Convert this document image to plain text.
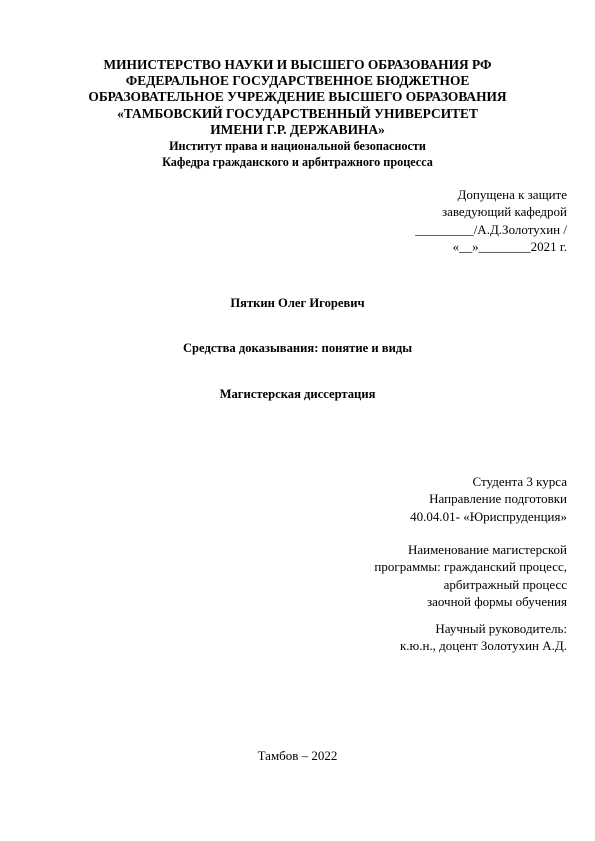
МИНИСТЕРСТВО НАУКИ И ВЫСШЕГО ОБРАЗОВАНИЯ РФ
ФЕДЕРАЛЬНОЕ ГОСУДАРСТВЕННОЕ БЮДЖЕТНОЕ
ОБРАЗОВАТЕЛЬНОЕ УЧРЕЖДЕНИЕ ВЫСШЕГО ОБРАЗОВАНИЯ
«ТАМБОВСКИЙ ГОСУДАРСТВЕННЫЙ УНИВЕРСИТЕТ
ИМЕНИ Г.Р. ДЕРЖАВИНА»
Институт права и национальной безопасности
Кафедра гражданского и арбитражного процесса
Допущена к защите
заведующий кафедрой
_________/А.Д.Золотухин /
«__»________2021 г.
Пяткин Олег Игоревич
Средства доказывания: понятие и виды
Магистерская диссертация
Студента 3 курса
Направление подготовки
40.04.01- «Юриспруденция»
Наименование магистерской
программы: гражданский процесс,
арбитражный процесс
заочной формы обучения
Научный руководитель:
к.ю.н., доцент Золотухин А.Д.
Тамбов – 2022
